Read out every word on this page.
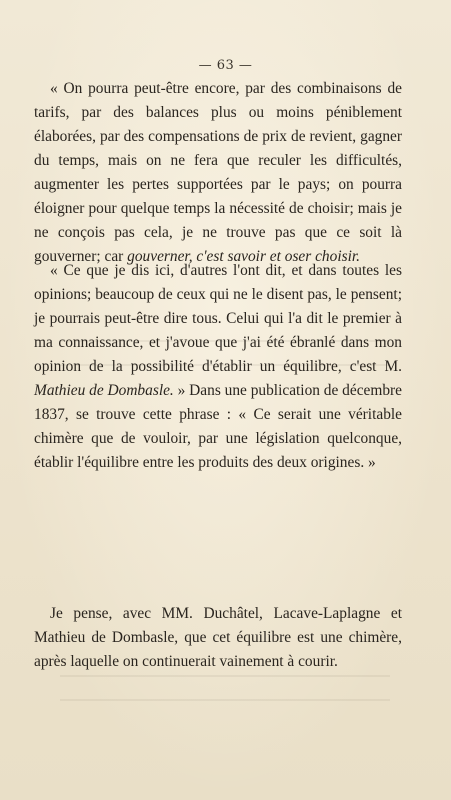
— 63 —

« On pourra peut-être encore, par des combinaisons de tarifs, par des balances plus ou moins péniblement élaborées, par des compensations de prix de revient, gagner du temps, mais on ne fera que reculer les difficultés, augmenter les pertes supportées par le pays; on pourra éloigner pour quelque temps la nécessité de choisir; mais je ne conçois pas cela, je ne trouve pas que ce soit là gouverner; car gouverner, c'est savoir et oser choisir.

« Ce que je dis ici, d'autres l'ont dit, et dans toutes les opinions; beaucoup de ceux qui ne le disent pas, le pensent; je pourrais peut-être dire tous. Celui qui l'a dit le premier à ma connaissance, et j'avoue que j'ai été ébranlé dans mon opinion de la possibilité d'établir un équilibre, c'est M. Mathieu de Dombasle. » Dans une publication de décembre 1837, se trouve cette phrase : « Ce serait une véritable chimère que de vouloir, par une législation quelconque, établir l'équilibre entre les produits des deux origines. »

Je pense, avec MM. Duchâtel, Lacave-Laplagne et Mathieu de Dombasle, que cet équilibre est une chimère, après laquelle on continuerait vainement à courir.
